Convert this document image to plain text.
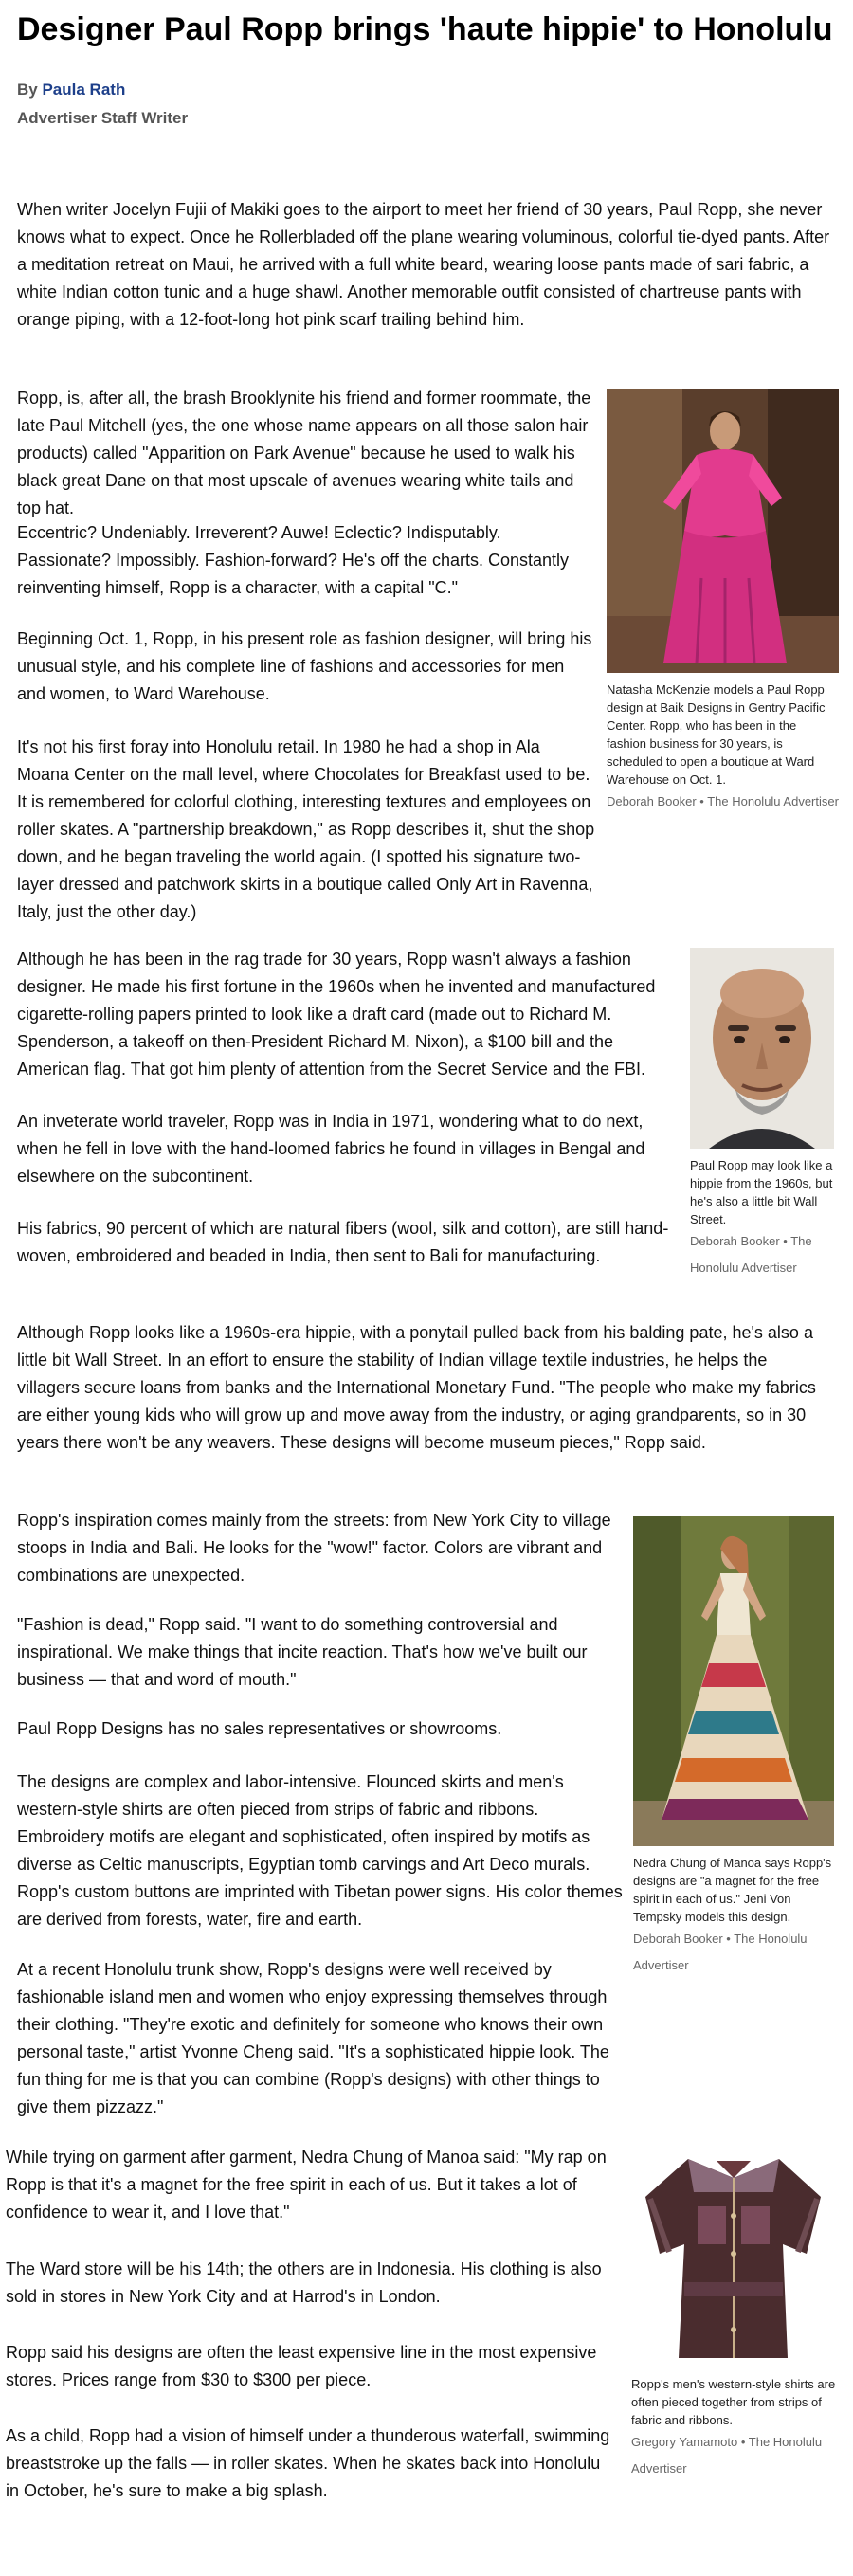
Designer Paul Ropp brings 'haute hippie' to Honolulu
By Paula Rath
Advertiser Staff Writer

When writer Jocelyn Fujii of Makiki goes to the airport to meet her friend of 30 years, Paul Ropp, she never knows what to expect. Once he Rollerbladed off the plane wearing voluminous, colorful tie-dyed pants. After a meditation retreat on Maui, he arrived with a full white beard, wearing loose pants made of sari fabric, a white Indian cotton tunic and a huge shawl. Another memorable outfit consisted of chartreuse pants with orange piping, with a 12-foot-long hot pink scarf trailing behind him.

Ropp, is, after all, the brash Brooklynite his friend and former roommate, the late Paul Mitchell (yes, the one whose name appears on all those salon hair products) called "Apparition on Park Avenue" because he used to walk his black great Dane on that most upscale of avenues wearing white tails and top hat.

Eccentric? Undeniably. Irreverent? Auwe! Eclectic? Indisputably. Passionate? Impossibly. Fashion-forward? He's off the charts. Constantly reinventing himself, Ropp is a character, with a capital "C."

Beginning Oct. 1, Ropp, in his present role as fashion designer, will bring his unusual style, and his complete line of fashions and accessories for men and women, to Ward Warehouse.

It's not his first foray into Honolulu retail. In 1980 he had a shop in Ala Moana Center on the mall level, where Chocolates for Breakfast used to be. It is remembered for colorful clothing, interesting textures and employees on roller skates. A "partnership breakdown," as Ropp describes it, shut the shop down, and he began traveling the world again. (I spotted his signature two-layer dressed and patchwork skirts in a boutique called Only Art in Ravenna, Italy, just the other day.)

Although he has been in the rag trade for 30 years, Ropp wasn't always a fashion designer. He made his first fortune in the 1960s when he invented and manufactured cigarette-rolling papers printed to look like a draft card (made out to Richard M. Spenderson, a takeoff on then-President Richard M. Nixon), a $100 bill and the American flag. That got him plenty of attention from the Secret Service and the FBI.

An inveterate world traveler, Ropp was in India in 1971, wondering what to do next, when he fell in love with the hand-loomed fabrics he found in villages in Bengal and elsewhere on the subcontinent.

His fabrics, 90 percent of which are natural fibers (wool, silk and cotton), are still hand-woven, embroidered and beaded in India, then sent to Bali for manufacturing.

Although Ropp looks like a 1960s-era hippie, with a ponytail pulled back from his balding pate, he's also a little bit Wall Street. In an effort to ensure the stability of Indian village textile industries, he helps the villagers secure loans from banks and the International Monetary Fund. "The people who make my fabrics are either young kids who will grow up and move away from the industry, or aging grandparents, so in 30 years there won't be any weavers. These designs will become museum pieces," Ropp said.

Ropp's inspiration comes mainly from the streets: from New York City to village stoops in India and Bali. He looks for the "wow!" factor. Colors are vibrant and combinations are unexpected.

"Fashion is dead," Ropp said. "I want to do something controversial and inspirational. We make things that incite reaction. That's how we've built our business — that and word of mouth."

Paul Ropp Designs has no sales representatives or showrooms.

The designs are complex and labor-intensive. Flounced skirts and men's western-style shirts are often pieced from strips of fabric and ribbons. Embroidery motifs are elegant and sophisticated, often inspired by motifs as diverse as Celtic manuscripts, Egyptian tomb carvings and Art Deco murals. Ropp's custom buttons are imprinted with Tibetan power signs. His color themes are derived from forests, water, fire and earth.

At a recent Honolulu trunk show, Ropp's designs were well received by fashionable island men and women who enjoy expressing themselves through their clothing. "They're exotic and definitely for someone who knows their own personal taste," artist Yvonne Cheng said. "It's a sophisticated hippie look. The fun thing for me is that you can combine (Ropp's designs) with other things to give them pizzazz."

While trying on garment after garment, Nedra Chung of Manoa said: "My rap on Ropp is that it's a magnet for the free spirit in each of us. But it takes a lot of confidence to wear it, and I love that."

The Ward store will be his 14th; the others are in Indonesia. His clothing is also sold in stores in New York City and at Harrod's in London.

Ropp said his designs are often the least expensive line in the most expensive stores. Prices range from $30 to $300 per piece.

As a child, Ropp had a vision of himself under a thunderous waterfall, swimming breaststroke up the falls — in roller skates. When he skates back into Honolulu in October, he's sure to make a big splash.

Natasha McKenzie models a Paul Ropp design at Baik Designs in Gentry Pacific Center. Ropp, who has been in the fashion business for 30 years, is scheduled to open a boutique at Ward Warehouse on Oct. 1.
Deborah Booker • The Honolulu Advertiser
Paul Ropp may look like a hippie from the 1960s, but he's also a little bit Wall Street.
Deborah Booker • The Honolulu Advertiser
Nedra Chung of Manoa says Ropp's designs are "a magnet for the free spirit in each of us." Jeni Von Tempsky models this design.
Deborah Booker • The Honolulu Advertiser
Ropp's men's western-style shirts are often pieced together from strips of fabric and ribbons.
Gregory Yamamoto • The Honolulu Advertiser
